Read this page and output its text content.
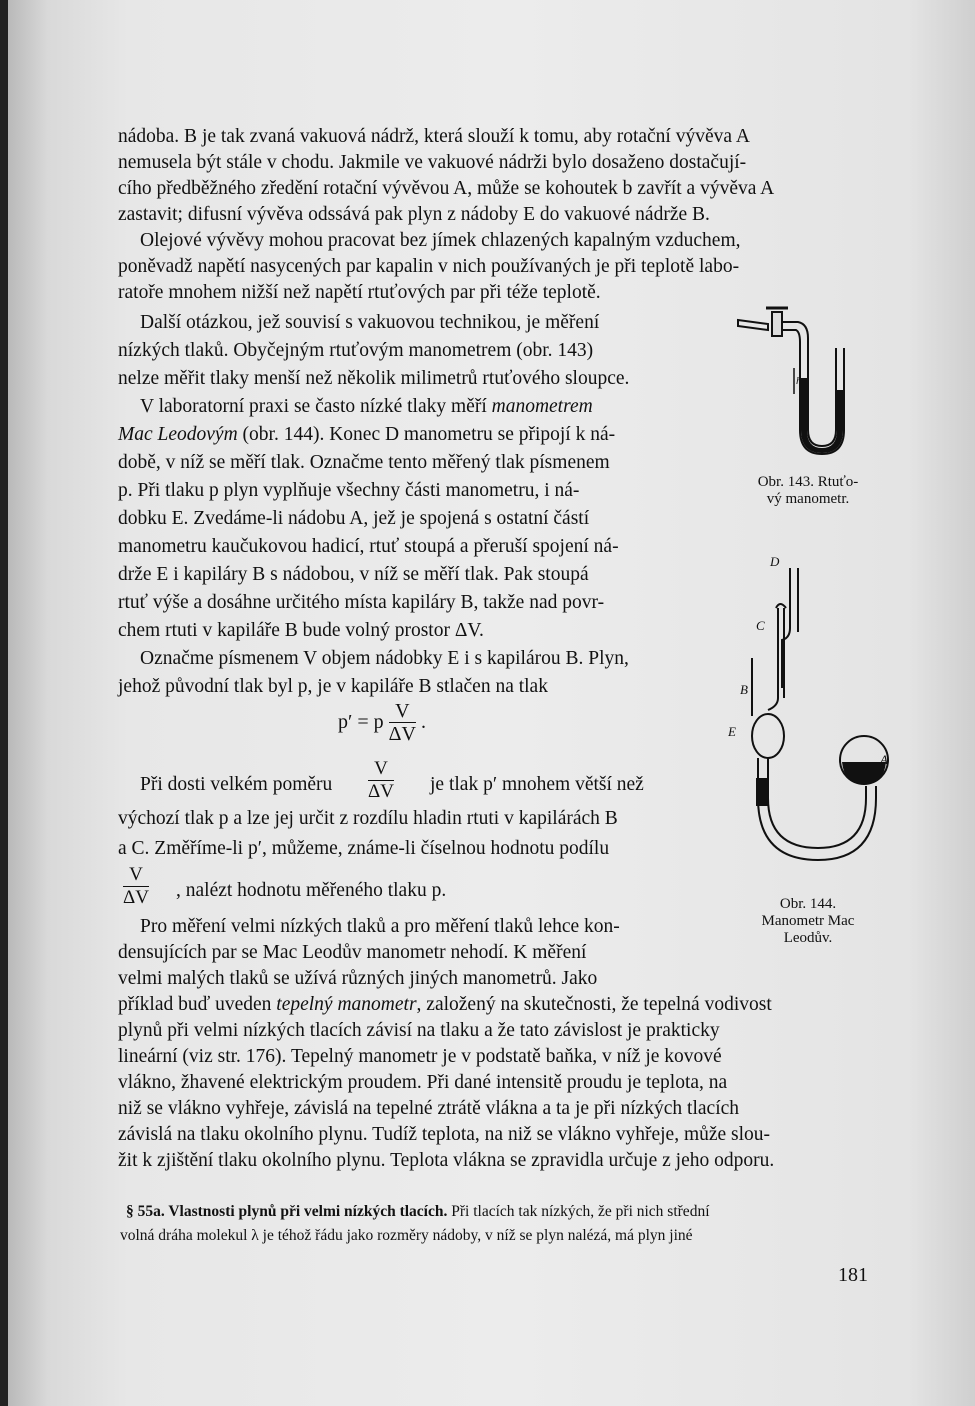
nádoba. B je tak zvaná vakuová nádrž, která slouží k tomu, aby rotační vývěva A
nemusela být stále v chodu. Jakmile ve vakuové nádrži bylo dosaženo dostačují-
cího předběžného zředění rotační vývěvou A, může se kohoutek b zavřít a vývěva A
zastavit; difusní vývěva odssává pak plyn z nádoby E do vakuové nádrže B.
Olejové vývěvy mohou pracovat bez jímek chlazených kapalným vzduchem,
poněvadž napětí nasycených par kapalin v nich používaných je při teplotě labo-
ratoře mnohem nižší než napětí rtuťových par při téže teplotě.
Další otázkou, jež souvisí s vakuovou technikou, je měření
nízkých tlaků. Obyčejným rtuťovým manometrem (obr. 143)
nelze měřit tlaky menší než několik milimetrů rtuťového sloupce.
V laboratorní praxi se často nízké tlaky měří manometrem
Mac Leodovým (obr. 144). Konec D manometru se připojí k ná-
době, v níž se měří tlak. Označme tento měřený tlak písmenem
p. Při tlaku p plyn vyplňuje všechny části manometru, i ná-
dobku E. Zvedáme-li nádobu A, jež je spojená s ostatní částí
manometru kaučukovou hadicí, rtuť stoupá a přeruší spojení ná-
drže E i kapiláry B s nádobou, v níž se měří tlak. Pak stoupá
rtuť výše a dosáhne určitého místa kapiláry B, takže nad povr-
chem rtuti v kapiláře B bude volný prostor ΔV.
Označme písmenem V objem nádobky E i s kapilárou B. Plyn,
jehož původní tlak byl p, je v kapiláře B stlačen na tlak
Při dosti velkém poměru	je tlak p′ mnohem větší než
výchozí tlak p a lze jej určit z rozdílu hladin rtuti v kapilárách B
a C. Změříme-li p′, můžeme, známe-li číselnou hodnotu podílu
, nalézt hodnotu měřeného tlaku p.
Pro měření velmi nízkých tlaků a pro měření tlaků lehce kon-
densujících par se Mac Leodův manometr nehodí. K měření
velmi malých tlaků se užívá různých jiných manometrů. Jako
příklad buď uveden tepelný manometr, založený na skutečnosti, že tepelná vodivost
plynů při velmi nízkých tlacích závisí na tlaku a že tato závislost je prakticky
lineární (viz str. 176). Tepelný manometr je v podstatě baňka, v níž je kovové
vlákno, žhavené elektrickým proudem. Při dané intensitě proudu je teplota, na
niž se vlákno vyhřeje, závislá na tepelné ztrátě vlákna a ta je při nízkých tlacích
závislá na tlaku okolního plynu. Tudíž teplota, na niž se vlákno vyhřeje, může slou-
žit k zjištění tlaku okolního plynu. Teplota vlákna se zpravidla určuje z jeho odporu.
p′ = p $\frac{V}{\Delta V}$ .
$\frac{V}{\Delta V}$
$\frac{V}{\Delta V}$
h
Obr. 143. Rtuťo-
vý manometr.
D
C
B
E
A
Obr. 144.
Manometr Mac
Leodův.
§ 55a. Vlastnosti plynů při velmi nízkých tlacích. Při tlacích tak nízkých, že při nich střední
volná dráha molekul λ je téhož řádu jako rozměry nádoby, v níž se plyn nalézá, má plyn jiné
181
